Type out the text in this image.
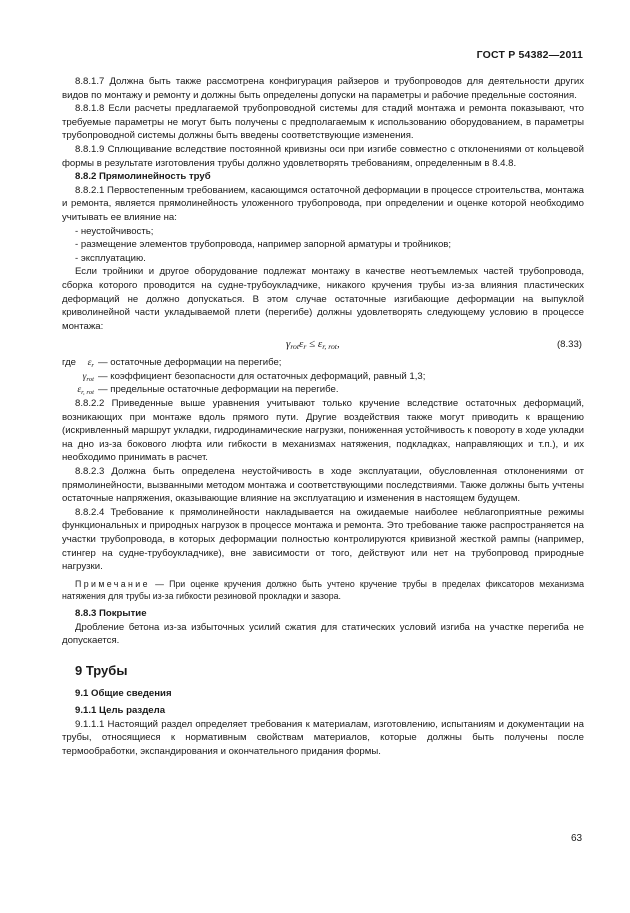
ГОСТ Р 54382—2011

8.8.1.7 Должна быть также рассмотрена конфигурация райзеров и трубопроводов для деятельности других видов по монтажу и ремонту и должны быть определены допуски на параметры и рабочие предельные состояния.

8.8.1.8 Если расчеты предлагаемой трубопроводной системы для стадий монтажа и ремонта показывают, что требуемые параметры не могут быть получены с предполагаемым к использованию оборудованием, в параметры трубопроводной системы должны быть введены соответствующие изменения.

8.8.1.9 Сплющивание вследствие постоянной кривизны оси при изгибе совместно с отклонениями от кольцевой формы в результате изготовления трубы должно удовлетворять требованиям, определенным в 8.4.8.

8.8.2 Прямолинейность труб

8.8.2.1 Первостепенным требованием, касающимся остаточной деформации в процессе строительства, монтажа и ремонта, является прямолинейность уложенного трубопровода, при определении и оценке которой необходимо учитывать ее влияние на:

- неустойчивость;

- размещение элементов трубопровода, например запорной арматуры и тройников;

- эксплуатацию.

Если тройники и другое оборудование подлежат монтажу в качестве неотъемлемых частей трубопровода, сборка которого проводится на судне-трубоукладчике, никакого кручения трубы из-за влияния пластических деформаций не должно допускаться. В этом случае остаточные изгибающие деформации на выпуклой криволинейной части укладываемой плети (перегибе) должны удовлетворять следующему условию в процессе монтажа:

$\gamma_{rot}\varepsilon_r \le \varepsilon_{r, rot}$,	(8.33)
где	$\varepsilon_r$ — остаточные деформации на перегибе;
$\gamma_{rot}$ — коэффициент безопасности для остаточных деформаций, равный 1,3;
$\varepsilon_{r, rot}$ — предельные остаточные деформации на перегибе.

8.8.2.2 Приведенные выше уравнения учитывают только кручение вследствие остаточных деформаций, возникающих при монтаже вдоль прямого пути. Другие воздействия также могут приводить к вращению (искривленный маршрут укладки, гидродинамические нагрузки, пониженная устойчивость к повороту в ходе укладки на дно из-за бокового люфта или гибкости в механизмах натяжения, подкладках, направляющих и т.п.), и их необходимо принимать в расчет.

8.8.2.3 Должна быть определена неустойчивость в ходе эксплуатации, обусловленная отклонениями от прямолинейности, вызванными методом монтажа и соответствующими последствиями. Также должны быть учтены остаточные напряжения, оказывающие влияние на эксплуатацию и изменения в настоящем будущем.

8.8.2.4 Требование к прямолинейности накладывается на ожидаемые наиболее неблагоприятные режимы функциональных и природных нагрузок в процессе монтажа и ремонта. Это требование также распространяется на участки трубопровода, в которых деформации полностью контролируются кривизной жесткой рампы (например, стингер на судне-трубоукладчике), вне зависимости от того, действуют или нет на трубопровод природные нагрузки.

Примечание — При оценке кручения должно быть учтено кручение трубы в пределах фиксаторов механизма натяжения для трубы из-за гибкости резиновой прокладки и зазора.

8.8.3 Покрытие

Дробление бетона из-за избыточных усилий сжатия для статических условий изгиба на участке перегиба не допускается.

9 Трубы

9.1 Общие сведения

9.1.1 Цель раздела

9.1.1.1 Настоящий раздел определяет требования к материалам, изготовлению, испытаниям и документации на трубы, относящиеся к нормативным свойствам материалов, которые должны быть получены после термообработки, экспандирования и окончательного придания формы.

63
